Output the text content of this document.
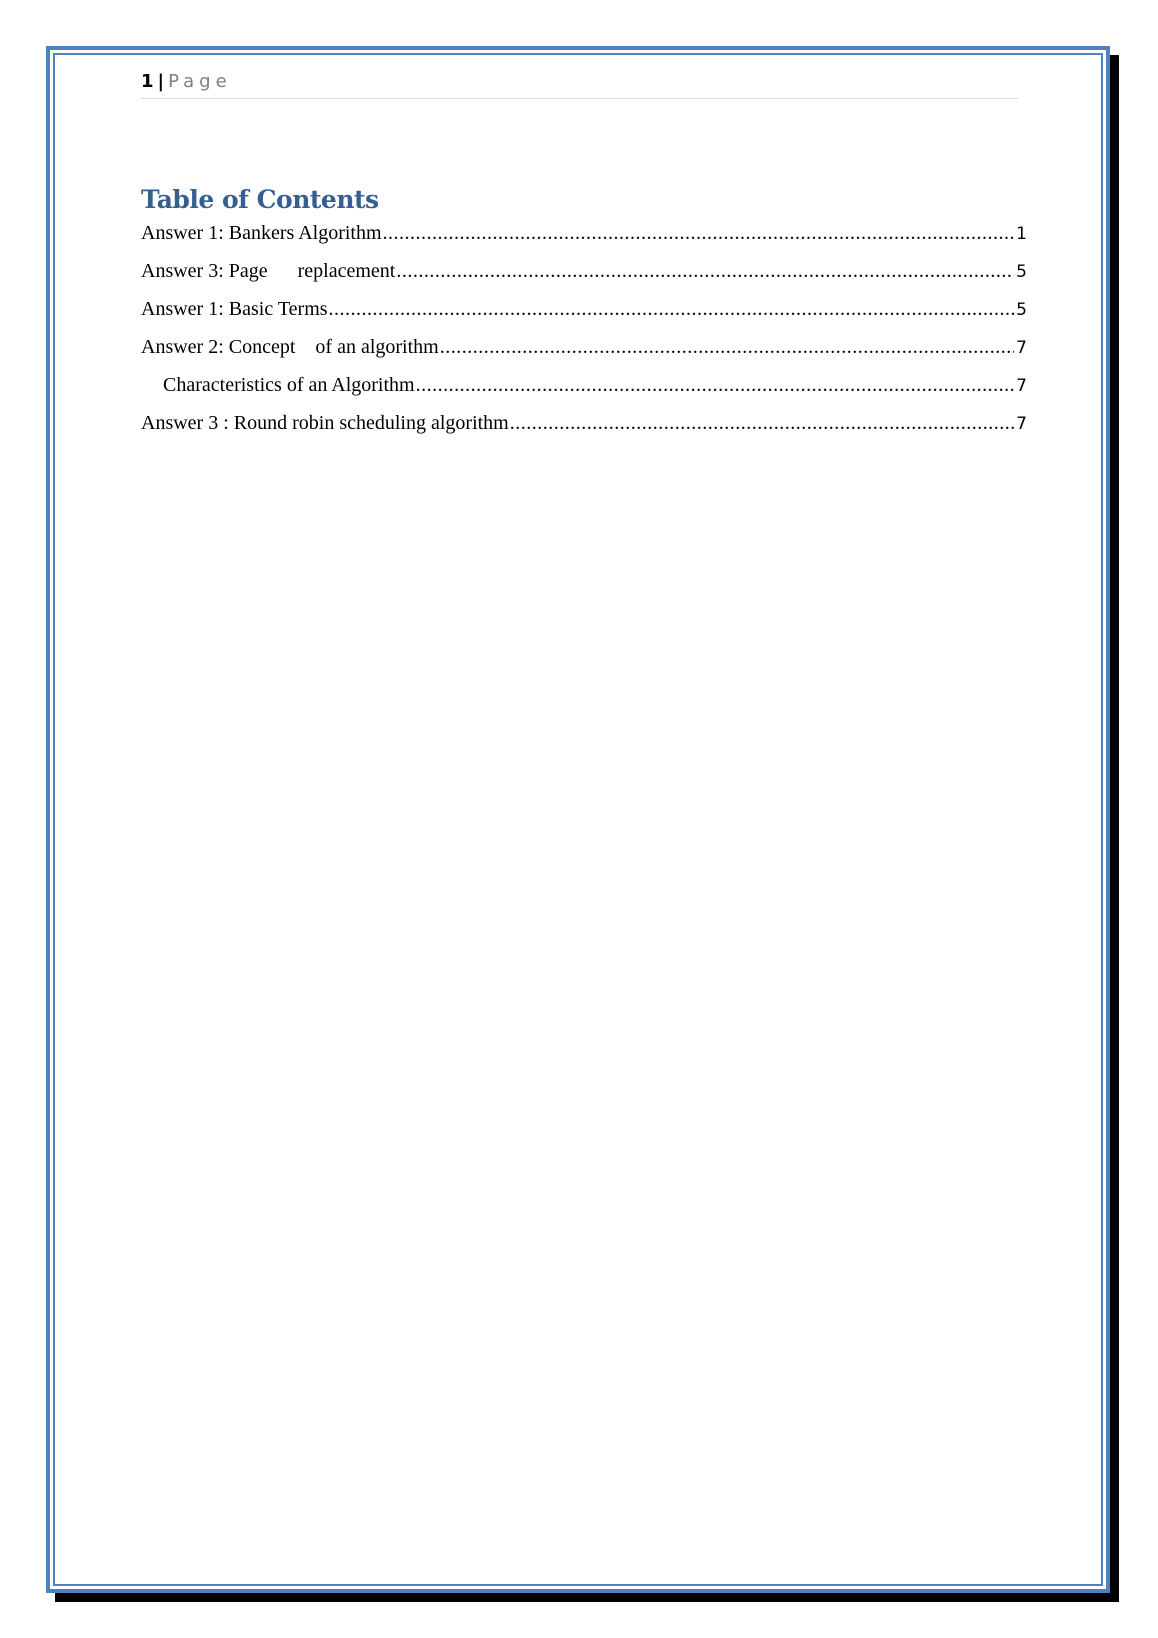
1 | Page
Table of Contents
Answer 1: Bankers Algorithm .....	1
Answer 3: Page      replacement .....	5
Answer 1: Basic Terms .....	5
Answer 2: Concept    of an algorithm .....	7
Characteristics of an Algorithm .....	7
Answer 3 : Round robin scheduling algorithm .....	7
